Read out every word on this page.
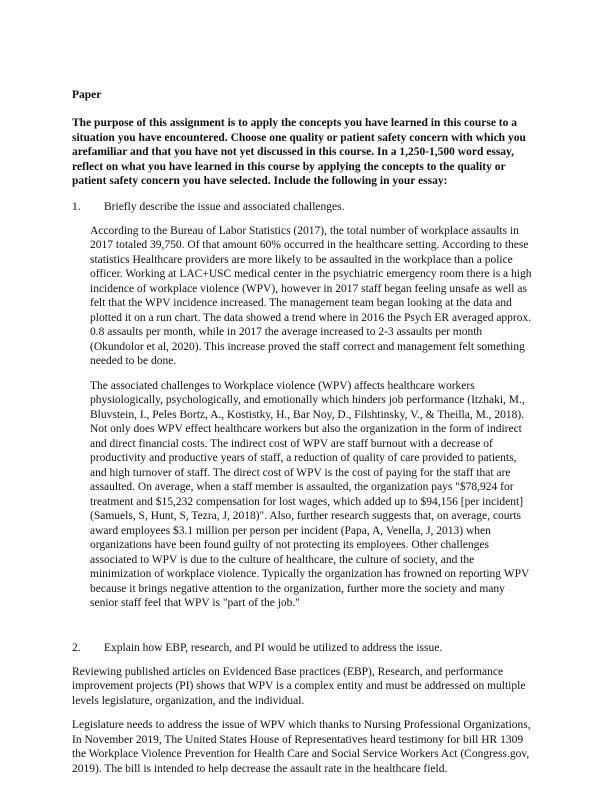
Paper
The purpose of this assignment is to apply the concepts you have learned in this course to a situation you have encountered. Choose one quality or patient safety concern with which you arefamiliar and that you have not yet discussed in this course. In a 1,250-1,500 word essay, reflect on what you have learned in this course by applying the concepts to the quality or patient safety concern you have selected. Include the following in your essay:
1.	Briefly describe the issue and associated challenges.

According to the Bureau of Labor Statistics (2017), the total number of workplace assaults in 2017 totaled 39,750. Of that amount 60% occurred in the healthcare setting. According to these statistics Healthcare providers are more likely to be assaulted in the workplace than a police officer. Working at LAC+USC medical center in the psychiatric emergency room there is a high incidence of workplace violence (WPV), however in 2017 staff began feeling unsafe as well as felt that the WPV incidence increased. The management team began looking at the data and plotted it on a run chart. The data showed a trend where in 2016 the Psych ER averaged approx. 0.8 assaults per month, while in 2017 the average increased to 2-3 assaults per month (Okundolor et al, 2020). This increase proved the staff correct and management felt something needed to be done.

The associated challenges to Workplace violence (WPV) affects healthcare workers physiologically, psychologically, and emotionally which hinders job performance (Itzhaki, M., Bluvstein, I., Peles Bortz, A., Kostistky, H., Bar Noy, D., Filshtinsky, V., & Theilla, M., 2018). Not only does WPV effect healthcare workers but also the organization in the form of indirect and direct financial costs. The indirect cost of WPV are staff burnout with a decrease of productivity and productive years of staff, a reduction of quality of care provided to patients, and high turnover of staff. The direct cost of WPV is the cost of paying for the staff that are assaulted. On average, when a staff member is assaulted, the organization pays "$78,924 for treatment and $15,232 compensation for lost wages, which added up to $94,156 [per incident] (Samuels, S, Hunt, S, Tezra, J, 2018)". Also, further research suggests that, on average, courts award employees $3.1 million per person per incident (Papa, A, Venella, J, 2013) when organizations have been found guilty of not protecting its employees. Other challenges associated to WPV is due to the culture of healthcare, the culture of society, and the minimization of workplace violence. Typically the organization has frowned on reporting WPV because it brings negative attention to the organization, further more the society and many senior staff feel that WPV is "part of the job."

2.	Explain how EBP, research, and PI would be utilized to address the issue.

Reviewing published articles on Evidenced Base practices (EBP), Research, and performance improvement projects (PI) shows that WPV is a complex entity and must be addressed on multiple levels legislature, organization, and the individual.

Legislature needs to address the issue of WPV which thanks to Nursing Professional Organizations, In November 2019, The United States House of Representatives heard testimony for bill HR 1309 the Workplace Violence Prevention for Health Care and Social Service Workers Act (Congress.gov, 2019). The bill is intended to help decrease the assault rate in the healthcare field.
